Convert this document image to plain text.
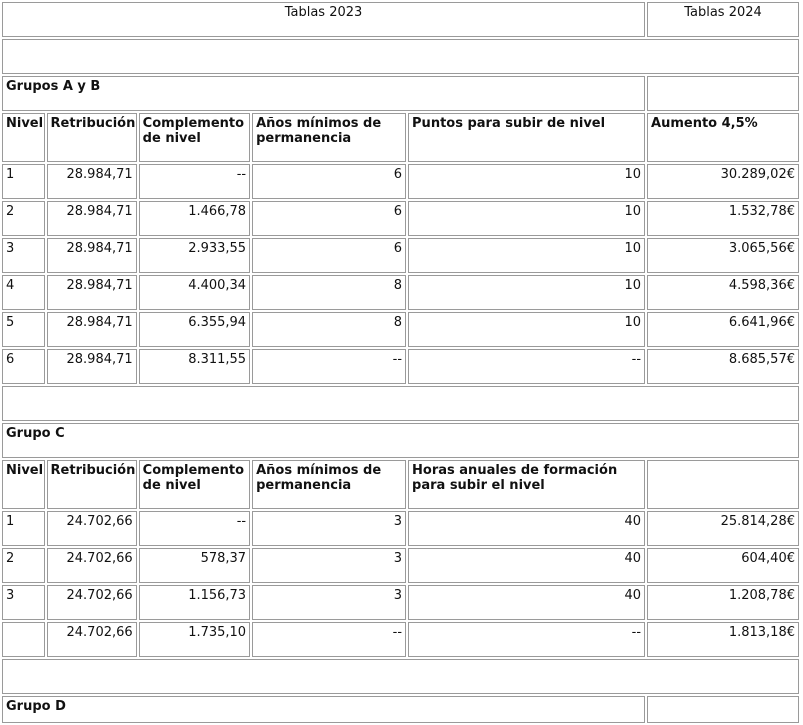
Tablas 2023					Tablas 2024

Grupos A y B					
Nivel	Retribución	Complemento de nivel	Años mínimos de permanencia	Puntos para subir de nivel	Aumento 4,5%
1	28.984,71	--	6	10	30.289,02€
2	28.984,71	1.466,78	6	10	1.532,78€
3	28.984,71	2.933,55	6	10	3.065,56€
4	28.984,71	4.400,34	8	10	4.598,36€
5	28.984,71	6.355,94	8	10	6.641,96€
6	28.984,71	8.311,55	--	--	8.685,57€

Grupo C					
Nivel	Retribución	Complemento de nivel	Años mínimos de permanencia	Horas anuales de formación para subir el nivel	
1	24.702,66	--	3	40	25.814,28€
2	24.702,66	578,37	3	40	604,40€
3	24.702,66	1.156,73	3	40	1.208,78€
	24.702,66	1.735,10	--	--	1.813,18€

Grupo D					
